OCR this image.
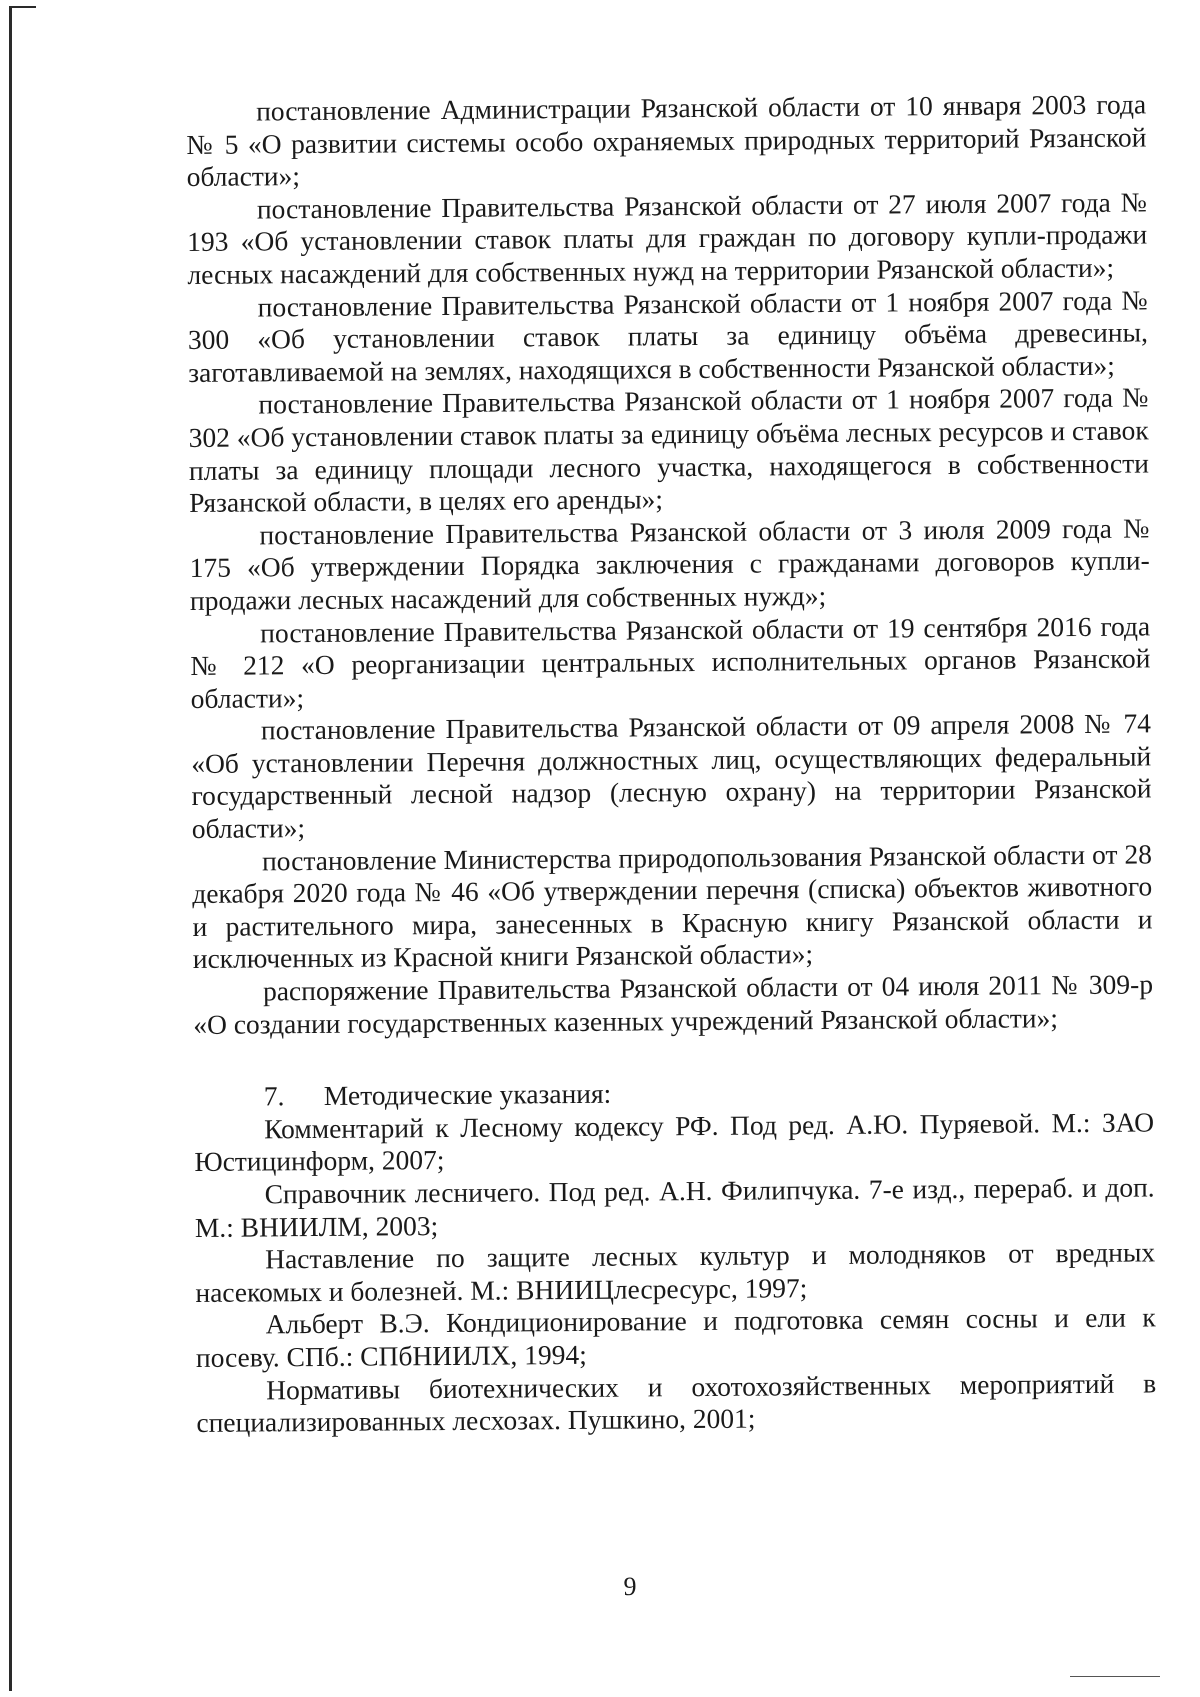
постановление Администрации Рязанской области от 10 января 2003 года № 5 «О развитии системы особо охраняемых природных территорий Рязанской области»;

постановление Правительства Рязанской области от 27 июля 2007 года № 193 «Об установлении ставок платы для граждан по договору купли-продажи лесных насаждений для собственных нужд на территории Рязанской области»;

постановление Правительства Рязанской области от 1 ноября 2007 года № 300 «Об установлении ставок платы за единицу объёма древесины, заготавливаемой на землях, находящихся в собственности Рязанской области»;

постановление Правительства Рязанской области от 1 ноября 2007 года № 302 «Об установлении ставок платы за единицу объёма лесных ресурсов и ставок платы за единицу площади лесного участка, находящегося в собственности Рязанской области, в целях его аренды»;

постановление Правительства Рязанской области от 3 июля 2009 года № 175 «Об утверждении Порядка заключения с гражданами договоров купли-продажи лесных насаждений для собственных нужд»;

постановление Правительства Рязанской области от 19 сентября 2016 года № 212 «О реорганизации центральных исполнительных органов Рязанской области»;

постановление Правительства Рязанской области от 09 апреля 2008 № 74 «Об установлении Перечня должностных лиц, осуществляющих федеральный государственный лесной надзор (лесную охрану) на территории Рязанской области»;

постановление Министерства природопользования Рязанской области от 28 декабря 2020 года № 46 «Об утверждении перечня (списка) объектов животного и растительного мира, занесенных в Красную книгу Рязанской области и исключенных из Красной книги Рязанской области»;

распоряжение Правительства Рязанской области от 04 июля 2011 № 309-р «О создании государственных казенных учреждений Рязанской области»;

7. Методические указания:

Комментарий к Лесному кодексу РФ. Под ред. А.Ю. Пуряевой. М.: ЗАО Юстицинформ, 2007;

Справочник лесничего. Под ред. А.Н. Филипчука. 7-е изд., перераб. и доп. М.: ВНИИЛМ, 2003;

Наставление по защите лесных культур и молодняков от вредных насекомых и болезней. М.: ВНИИЦлесресурс, 1997;

Альберт В.Э. Кондиционирование и подготовка семян сосны и ели к посеву. СПб.: СПбНИИЛХ, 1994;

Нормативы биотехнических и охотохозяйственных мероприятий в специализированных лесхозах. Пушкино, 2001;

9
